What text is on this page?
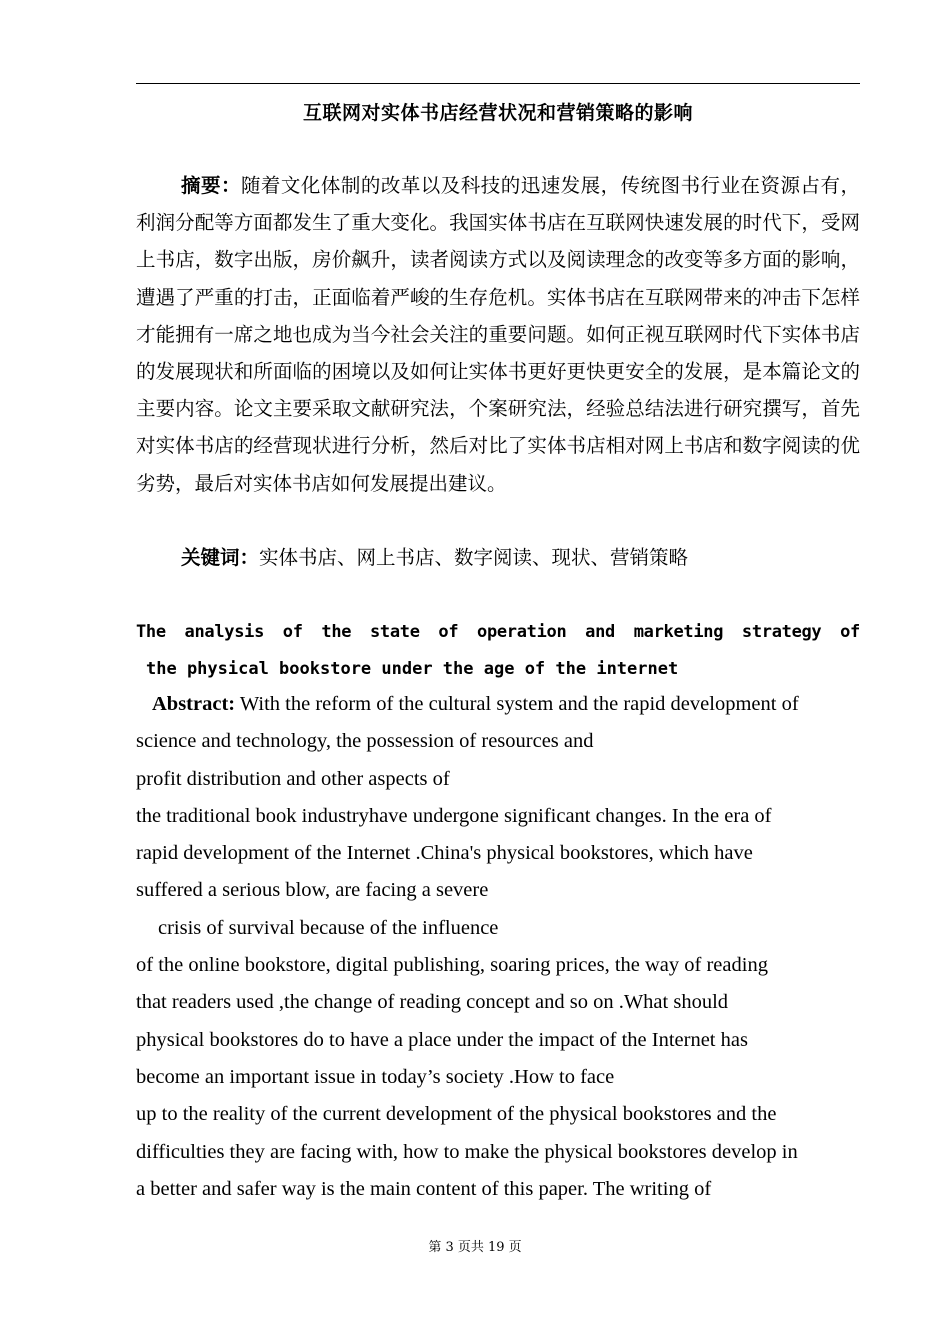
互联网对实体书店经营状况和营销策略的影响

摘要：随着文化体制的改革以及科技的迅速发展，传统图书行业在资源占有，利润分配等方面都发生了重大变化。我国实体书店在互联网快速发展的时代下，受网上书店，数字出版，房价飙升，读者阅读方式以及阅读理念的改变等多方面的影响，遭遇了严重的打击，正面临着严峻的生存危机。实体书店在互联网带来的冲击下怎样才能拥有一席之地也成为当今社会关注的重要问题。如何正视互联网时代下实体书店的发展现状和所面临的困境以及如何让实体书更好更快更安全的发展，是本篇论文的主要内容。论文主要采取文献研究法，个案研究法，经验总结法进行研究撰写，首先对实体书店的经营现状进行分析，然后对比了实体书店相对网上书店和数字阅读的优劣势，最后对实体书店如何发展提出建议。

关键词：实体书店、网上书店、数字阅读、现状、营销策略

The analysis of the state of operation and marketing strategy of
the physical bookstore under the age of the internet
Abstract: With the reform of the cultural system and the rapid development of
science and technology, the possession of resources and
profit distribution and other aspects of
the traditional book industryhave undergone significant changes. In the era of
rapid development of the Internet .China's physical bookstores, which have
suffered a serious blow, are facing a severe
crisis of survival because of the influence
of the online bookstore, digital publishing, soaring prices, the way of reading
that readers used ,the change of reading concept and so on .What should
physical bookstores do to have a place under the impact of the Internet has
become an important issue in today’s society .How to face
up to the reality of the current development of the physical bookstores and the
difficulties they are facing with, how to make the physical bookstores develop in
a better and safer way is the main content of this paper. The writing of
第 3 页共 19 页
